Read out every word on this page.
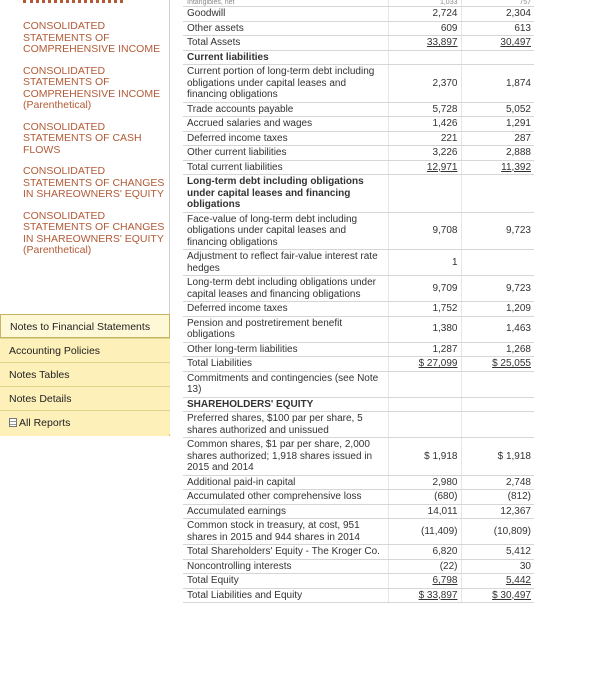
CONSOLIDATED STATEMENTS OF COMPREHENSIVE INCOME
CONSOLIDATED STATEMENTS OF COMPREHENSIVE INCOME (Parenthetical)
CONSOLIDATED STATEMENTS OF CASH FLOWS
CONSOLIDATED STATEMENTS OF CHANGES IN SHAREOWNERS' EQUITY
CONSOLIDATED STATEMENTS OF CHANGES IN SHAREOWNERS' EQUITY (Parenthetical)
Notes to Financial Statements
Accounting Policies
Notes Tables
Notes Details
All Reports
Intangibles, net	1,033	757
Goodwill	2,724	2,304
Other assets	609	613
Total Assets	33,897	30,497
Current liabilities		
Current portion of long-term debt including obligations under capital leases and financing obligations	2,370	1,874
Trade accounts payable	5,728	5,052
Accrued salaries and wages	1,426	1,291
Deferred income taxes	221	287
Other current liabilities	3,226	2,888
Total current liabilities	12,971	11,392
Long-term debt including obligations under capital leases and financing obligations		
Face-value of long-term debt including obligations under capital leases and financing obligations	9,708	9,723
Adjustment to reflect fair-value interest rate hedges	1	
Long-term debt including obligations under capital leases and financing obligations	9,709	9,723
Deferred income taxes	1,752	1,209
Pension and postretirement benefit obligations	1,380	1,463
Other long-term liabilities	1,287	1,268
Total Liabilities	$ 27,099	$ 25,055
Commitments and contingencies (see Note 13)		
SHAREHOLDERS' EQUITY		
Preferred shares, $100 par per share, 5 shares authorized and unissued		
Common shares, $1 par per share, 2,000 shares authorized; 1,918 shares issued in 2015 and 2014	$ 1,918	$ 1,918
Additional paid-in capital	2,980	2,748
Accumulated other comprehensive loss	(680)	(812)
Accumulated earnings	14,011	12,367
Common stock in treasury, at cost, 951 shares in 2015 and 944 shares in 2014	(11,409)	(10,809)
Total Shareholders' Equity - The Kroger Co.	6,820	5,412
Noncontrolling interests	(22)	30
Total Equity	6,798	5,442
Total Liabilities and Equity	$ 33,897	$ 30,497
